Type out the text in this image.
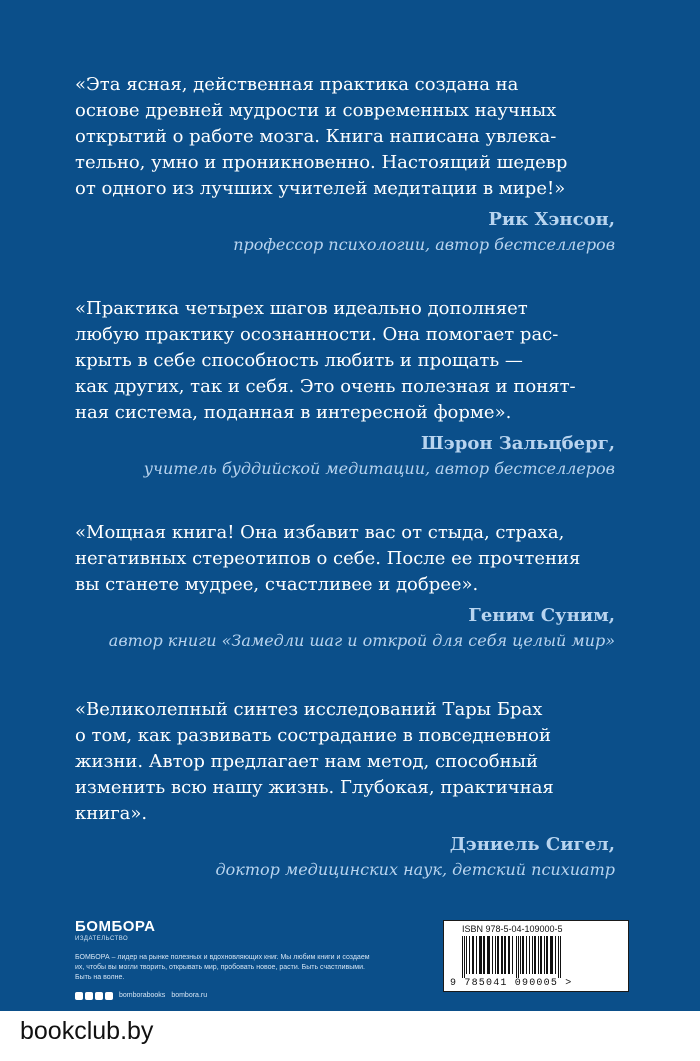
«Эта ясная, действенная практика создана на
основе древней мудрости и современных научных
открытий о работе мозга. Книга написана увлека-
тельно, умно и проникновенно. Настоящий шедевр
от одного из лучших учителей медитации в мире!»

Рик Хэнсон,
профессор психологии, автор бестселлеров

«Практика четырех шагов идеально дополняет
любую практику осознанности. Она помогает рас-
крыть в себе способность любить и прощать —
как других, так и себя. Это очень полезная и понят-
ная система, поданная в интересной форме».

Шэрон Зальцберг,
учитель буддийской медитации, автор бестселлеров

«Мощная книга! Она избавит вас от стыда, страха,
негативных стереотипов о себе. После ее прочтения
вы станете мудрее, счастливее и добрее».

Геним Суним,
автор книги «Замедли шаг и открой для себя целый мир»

«Великолепный синтез исследований Тары Брах
о том, как развивать сострадание в повседневной
жизни. Автор предлагает нам метод, способный
изменить всю нашу жизнь. Глубокая, практичная
книга».

Дэниель Сигел,
доктор медицинских наук, детский психиатр
БОМБОРА
ИЗДАТЕЛЬСТВО
БОМБОРА – лидер на рынке полезных и вдохновляющих книг. Мы любим книги и создаем их, чтобы вы могли творить, открывать мир, пробовать новое, расти. Быть счастливыми. Быть на волне.
bomborabooks bombora.ru
ISBN 978-5-04-109000-5
9 785041 090005 >
bookclub.by
